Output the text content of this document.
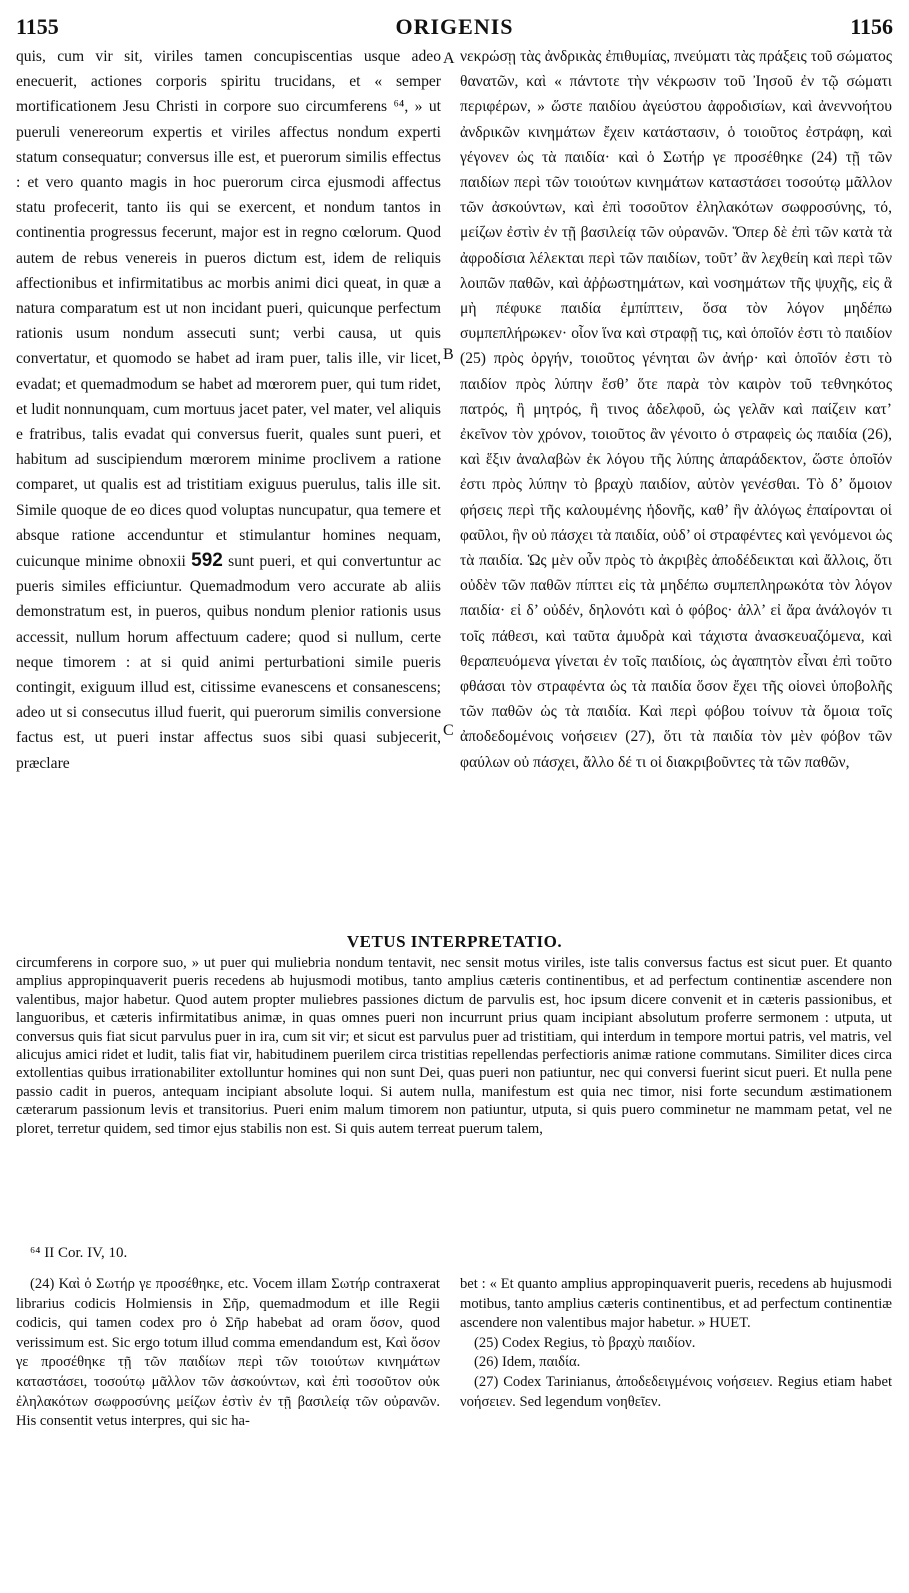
1155	ORIGENIS	1156
quis, cum vir sit, viriles tamen concupiscentias usque adeo enecuerit, actiones corporis spiritu trucidans, et « semper mortificationem Jesu Christi in corpore suo circumferens ⁶⁴, » ut pueruli venereorum expertis et viriles affectus nondum experti statum consequatur; conversus ille est, et puerorum similis effectus : et vero quanto magis in hoc puerorum circa ejusmodi affectus statu profecerit, tanto iis qui se exercent, et nondum tantos in continentia progressus fecerunt, major est in regno cœlorum. Quod autem de rebus venereis in pueros dictum est, idem de reliquis affectionibus et infirmitatibus ac morbis animi dici queat, in quæ a natura comparatum est ut non incidant pueri, quicunque perfectum rationis usum nondum assecuti sunt; verbi causa, ut quis convertatur, et quomodo se habet ad iram puer, talis ille, vir licet, evadat; et quemadmodum se habet ad mœrorem puer, qui tum ridet, et ludit nonnunquam, cum mortuus jacet pater, vel mater, vel aliquis e fratribus, talis evadat qui conversus fuerit, quales sunt pueri, et habitum ad suscipiendum mœrorem minime proclivem a ratione comparet, ut qualis est ad tristitiam exiguus puerulus, talis ille sit. Simile quoque de eo dices quod voluptas nuncupatur, qua temere et absque ratione accenduntur et stimulantur homines nequam, cuicunque minime obnoxii 592 sunt pueri, et qui convertuntur ac pueris similes efficiuntur. Quemadmodum vero accurate ab aliis demonstratum est, in pueros, quibus nondum plenior rationis usus accessit, nullum horum affectuum cadere; quod si nullum, certe neque timorem : at si quid animi perturbationi simile pueris contingit, exiguum illud est, citissime evanescens et consanescens; adeo ut si consecutus illud fuerit, qui puerorum similis conversione factus est, ut pueri instar affectus suos sibi quasi subjecerit, præclare
A
B
C
νεκρώσῃ τὰς ἀνδρικὰς ἐπιθυμίας, πνεύματι τὰς πράξεις τοῦ σώματος θανατῶν, καὶ « πάντοτε τὴν νέκρωσιν τοῦ Ἰησοῦ ἐν τῷ σώματι περιφέρων, » ὥστε παιδίου ἀγεύστου ἀφροδισίων, καὶ ἀνεννοήτου ἀνδρικῶν κινημάτων ἔχειν κατάστασιν, ὁ τοιοῦτος ἐστράφη, καὶ γέγονεν ὡς τὰ παιδία· καὶ ὁ Σωτήρ γε προσέθηκε (24) τῇ τῶν παιδίων περὶ τῶν τοιούτων κινημάτων καταστάσει τοσούτῳ μᾶλλον τῶν ἀσκούντων, καὶ ἐπὶ τοσοῦτον ἐληλακότων σωφροσύνης, τό, μείζων ἐστὶν ἐν τῇ βασιλείᾳ τῶν οὐρανῶν. Ὅπερ δὲ ἐπὶ τῶν κατὰ τὰ ἀφροδίσια λέλεκται περὶ τῶν παιδίων, τοῦτ’ ἂν λεχθείη καὶ περὶ τῶν λοιπῶν παθῶν, καὶ ἀῤῥωστημάτων, καὶ νοσημάτων τῆς ψυχῆς, εἰς ἃ μὴ πέφυκε παιδία ἐμπίπτειν, ὅσα τὸν λόγον μηδέπω συμπεπλήρωκεν· οἷον ἵνα καὶ στραφῇ τις, καὶ ὁποῖόν ἐστι τὸ παιδίον (25) πρὸς ὀργήν, τοιοῦτος γένηται ὢν ἀνήρ· καὶ ὁποῖόν ἐστι τὸ παιδίον πρὸς λύπην ἔσθ’ ὅτε παρὰ τὸν καιρὸν τοῦ τεθνηκότος πατρός, ἢ μητρός, ἢ τινος ἀδελφοῦ, ὡς γελᾶν καὶ παίζειν κατ’ ἐκεῖνον τὸν χρόνον, τοιοῦτος ἂν γένοιτο ὁ στραφεὶς ὡς παιδία (26), καὶ ἕξιν ἀναλαβὼν ἐκ λόγου τῆς λύπης ἀπαράδεκτον, ὥστε ὁποῖόν ἐστι πρὸς λύπην τὸ βραχὺ παιδίον, αὐτὸν γενέσθαι. Τὸ δ’ ὅμοιον φήσεις περὶ τῆς καλουμένης ἡδονῆς, καθ’ ἣν ἀλόγως ἐπαίρονται οἱ φαῦλοι, ἣν οὐ πάσχει τὰ παιδία, οὐδ’ οἱ στραφέντες καὶ γενόμενοι ὡς τὰ παιδία. Ὡς μὲν οὖν πρὸς τὸ ἀκριβὲς ἀποδέδεικται καὶ ἄλλοις, ὅτι οὐδὲν τῶν παθῶν πίπτει εἰς τὰ μηδέπω συμπεπληρωκότα τὸν λόγον παιδία· εἰ δ’ οὐδέν, δηλονότι καὶ ὁ φόβος· ἀλλ’ εἰ ἄρα ἀνάλογόν τι τοῖς πάθεσι, καὶ ταῦτα ἀμυδρὰ καὶ τάχιστα ἀνασκευαζόμενα, καὶ θεραπευόμενα γίνεται ἐν τοῖς παιδίοις, ὡς ἀγαπητὸν εἶναι ἐπὶ τοῦτο φθάσαι τὸν στραφέντα ὡς τὰ παιδία ὅσον ἔχει τῆς οἱονεὶ ὑποβολῆς τῶν παθῶν ὡς τὰ παιδία. Καὶ περὶ φόβου τοίνυν τὰ ὅμοια τοῖς ἀποδεδομένοις νοήσειεν (27), ὅτι τὰ παιδία τὸν μὲν φόβον τῶν φαύλων οὐ πάσχει, ἄλλο δέ τι οἱ διακριβοῦντες τὰ τῶν παθῶν,
VETUS INTERPRETATIO.
circumferens in corpore suo, » ut puer qui muliebria nondum tentavit, nec sensit motus viriles, iste talis conversus factus est sicut puer. Et quanto amplius appropinquaverit pueris recedens ab hujusmodi motibus, tanto amplius cæteris continentibus, et ad perfectum continentiæ ascendere non valentibus, major habetur. Quod autem propter muliebres passiones dictum de parvulis est, hoc ipsum dicere convenit et in cæteris passionibus, et languoribus, et cæteris infirmitatibus animæ, in quas omnes pueri non incurrunt prius quam incipiant absolutum proferre sermonem : utputa, ut conversus quis fiat sicut parvulus puer in ira, cum sit vir; et sicut est parvulus puer ad tristitiam, qui interdum in tempore mortui patris, vel matris, vel alicujus amici ridet et ludit, talis fiat vir, habitudinem puerilem circa tristitias repellendas perfectioris animæ ratione commutans. Similiter dices circa extollentias quibus irrationabiliter extolluntur homines qui non sunt Dei, quas pueri non patiuntur, nec qui conversi fuerint sicut pueri. Et nulla pene passio cadit in pueros, antequam incipiant absolute loqui. Si autem nulla, manifestum est quia nec timor, nisi forte secundum æstimationem cæterarum passionum levis et transitorius. Pueri enim malum timorem non patiuntur, utputa, si quis puero comminetur ne mammam petat, vel ne ploret, terretur quidem, sed timor ejus stabilis non est. Si quis autem terreat puerum talem,
⁶⁴ II Cor. IV, 10.

(24) Καὶ ὁ Σωτήρ γε προσέθηκε, etc. Vocem illam Σωτήρ contraxerat librarius codicis Holmiensis in Σῆρ, quemadmodum et ille Regii codicis, qui tamen codex pro ὁ Σῆρ habebat ad oram ὅσον, quod verissimum est. Sic ergo totum illud comma emendandum est, Καὶ ὅσον γε προσέθηκε τῇ τῶν παιδίων περὶ τῶν τοιούτων κινημάτων καταστάσει, τοσούτῳ μᾶλλον τῶν ἀσκούντων, καὶ ἐπὶ τοσοῦτον οὐκ ἐληλακότων σωφροσύνης μείζων ἐστὶν ἐν τῇ βασιλείᾳ τῶν οὐρανῶν. His consentit vetus interpres, qui sic ha-

bet : « Et quanto amplius appropinquaverit pueris, recedens ab hujusmodi motibus, tanto amplius cæteris continentibus, et ad perfectum continentiæ ascendere non valentibus major habetur. » HUET.

(25) Codex Regius, τὸ βραχὺ παιδίον.

(26) Idem, παιδία.

(27) Codex Tarinianus, ἀποδεδειγμένοις νοήσειεν. Regius etiam habet νοήσειεν. Sed legendum νοηθεῖεν.
